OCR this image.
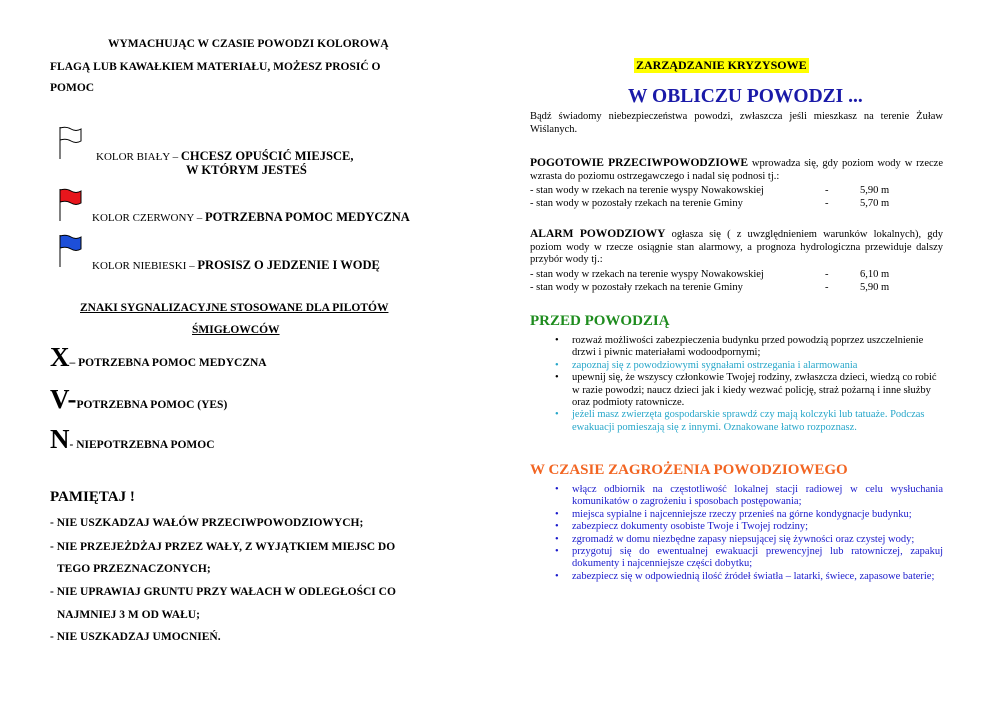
WYMACHUJĄC W CZASIE POWODZI KOLOROWĄ
FLAGĄ LUB KAWAŁKIEM MATERIAŁU, MOŻESZ PROSIĆ O
POMOC
KOLOR BIAŁY – CHCESZ OPUŚCIĆ MIEJSCE,
W KTÓRYM JESTEŚ
KOLOR CZERWONY – POTRZEBNA POMOC MEDYCZNA
KOLOR NIEBIESKI – PROSISZ O JEDZENIE I WODĘ
ZNAKI SYGNALIZACYJNE STOSOWANE DLA PILOTÓW
ŚMIGŁOWCÓW
X– POTRZEBNA POMOC MEDYCZNA
V-POTRZEBNA POMOC (YES)
N- NIEPOTRZEBNA POMOC
PAMIĘTAJ !
- NIE USZKADZAJ WAŁÓW PRZECIWPOWODZIOWYCH;
- NIE PRZEJEŻDŻAJ PRZEZ WAŁY, Z WYJĄTKIEM MIEJSC DO
TEGO PRZEZNACZONYCH;
- NIE UPRAWIAJ GRUNTU PRZY WAŁACH W ODLEGŁOŚCI CO
NAJMNIEJ 3 M OD WAŁU;
- NIE USZKADZAJ UMOCNIEŃ.
ZARZĄDZANIE KRYZYSOWE
W OBLICZU POWODZI ...
Bądź świadomy niebezpieczeństwa powodzi, zwłaszcza jeśli mieszkasz na terenie Żuław Wiślanych.
POGOTOWIE PRZECIWPOWODZIOWE wprowadza się, gdy poziom wody w rzecze wzrasta do poziomu ostrzegawczego i nadal się podnosi tj.:
- stan wody w rzekach na terenie wyspy Nowakowskiej	-	5,90 m
- stan wody w pozostały rzekach na terenie Gminy	-	5,70 m
ALARM POWODZIOWY ogłasza się ( z uwzględnieniem warunków lokalnych), gdy poziom wody w rzecze osiągnie stan alarmowy, a prognoza hydrologiczna przewiduje dalszy przybór wody tj.:
- stan wody w rzekach na terenie wyspy Nowakowskiej	-	6,10 m
- stan wody w pozostały rzekach na terenie Gminy	-	5,90 m
PRZED POWODZIĄ
• rozważ możliwości zabezpieczenia budynku przed powodzią poprzez uszczelnienie drzwi i piwnic materiałami wodoodpornymi;
• zapoznaj się z powodziowymi sygnałami ostrzegania i alarmowania
• upewnij się, że wszyscy członkowie Twojej rodziny, zwłaszcza dzieci, wiedzą co robić w razie powodzi; naucz dzieci jak i kiedy wezwać policję, straż pożarną i inne służby oraz podmioty ratownicze.
• jeżeli masz zwierzęta gospodarskie sprawdź czy mają kolczyki lub tatuaże. Podczas ewakuacji pomieszają się z innymi. Oznakowane łatwo rozpoznasz.
W CZASIE ZAGROŻENIA POWODZIOWEGO
• włącz odbiornik na częstotliwość lokalnej stacji radiowej w celu wysłuchania komunikatów o zagrożeniu i sposobach postępowania;
• miejsca sypialne i najcenniejsze rzeczy przenieś na górne kondygnacje budynku;
• zabezpiecz dokumenty osobiste Twoje i Twojej rodziny;
• zgromadź w domu niezbędne zapasy niepsującej się żywności oraz czystej wody;
• przygotuj się do ewentualnej ewakuacji prewencyjnej lub ratowniczej, zapakuj dokumenty i najcenniejsze części dobytku;
• zabezpiecz się w odpowiednią ilość źródeł światła – latarki, świece, zapasowe baterie;
